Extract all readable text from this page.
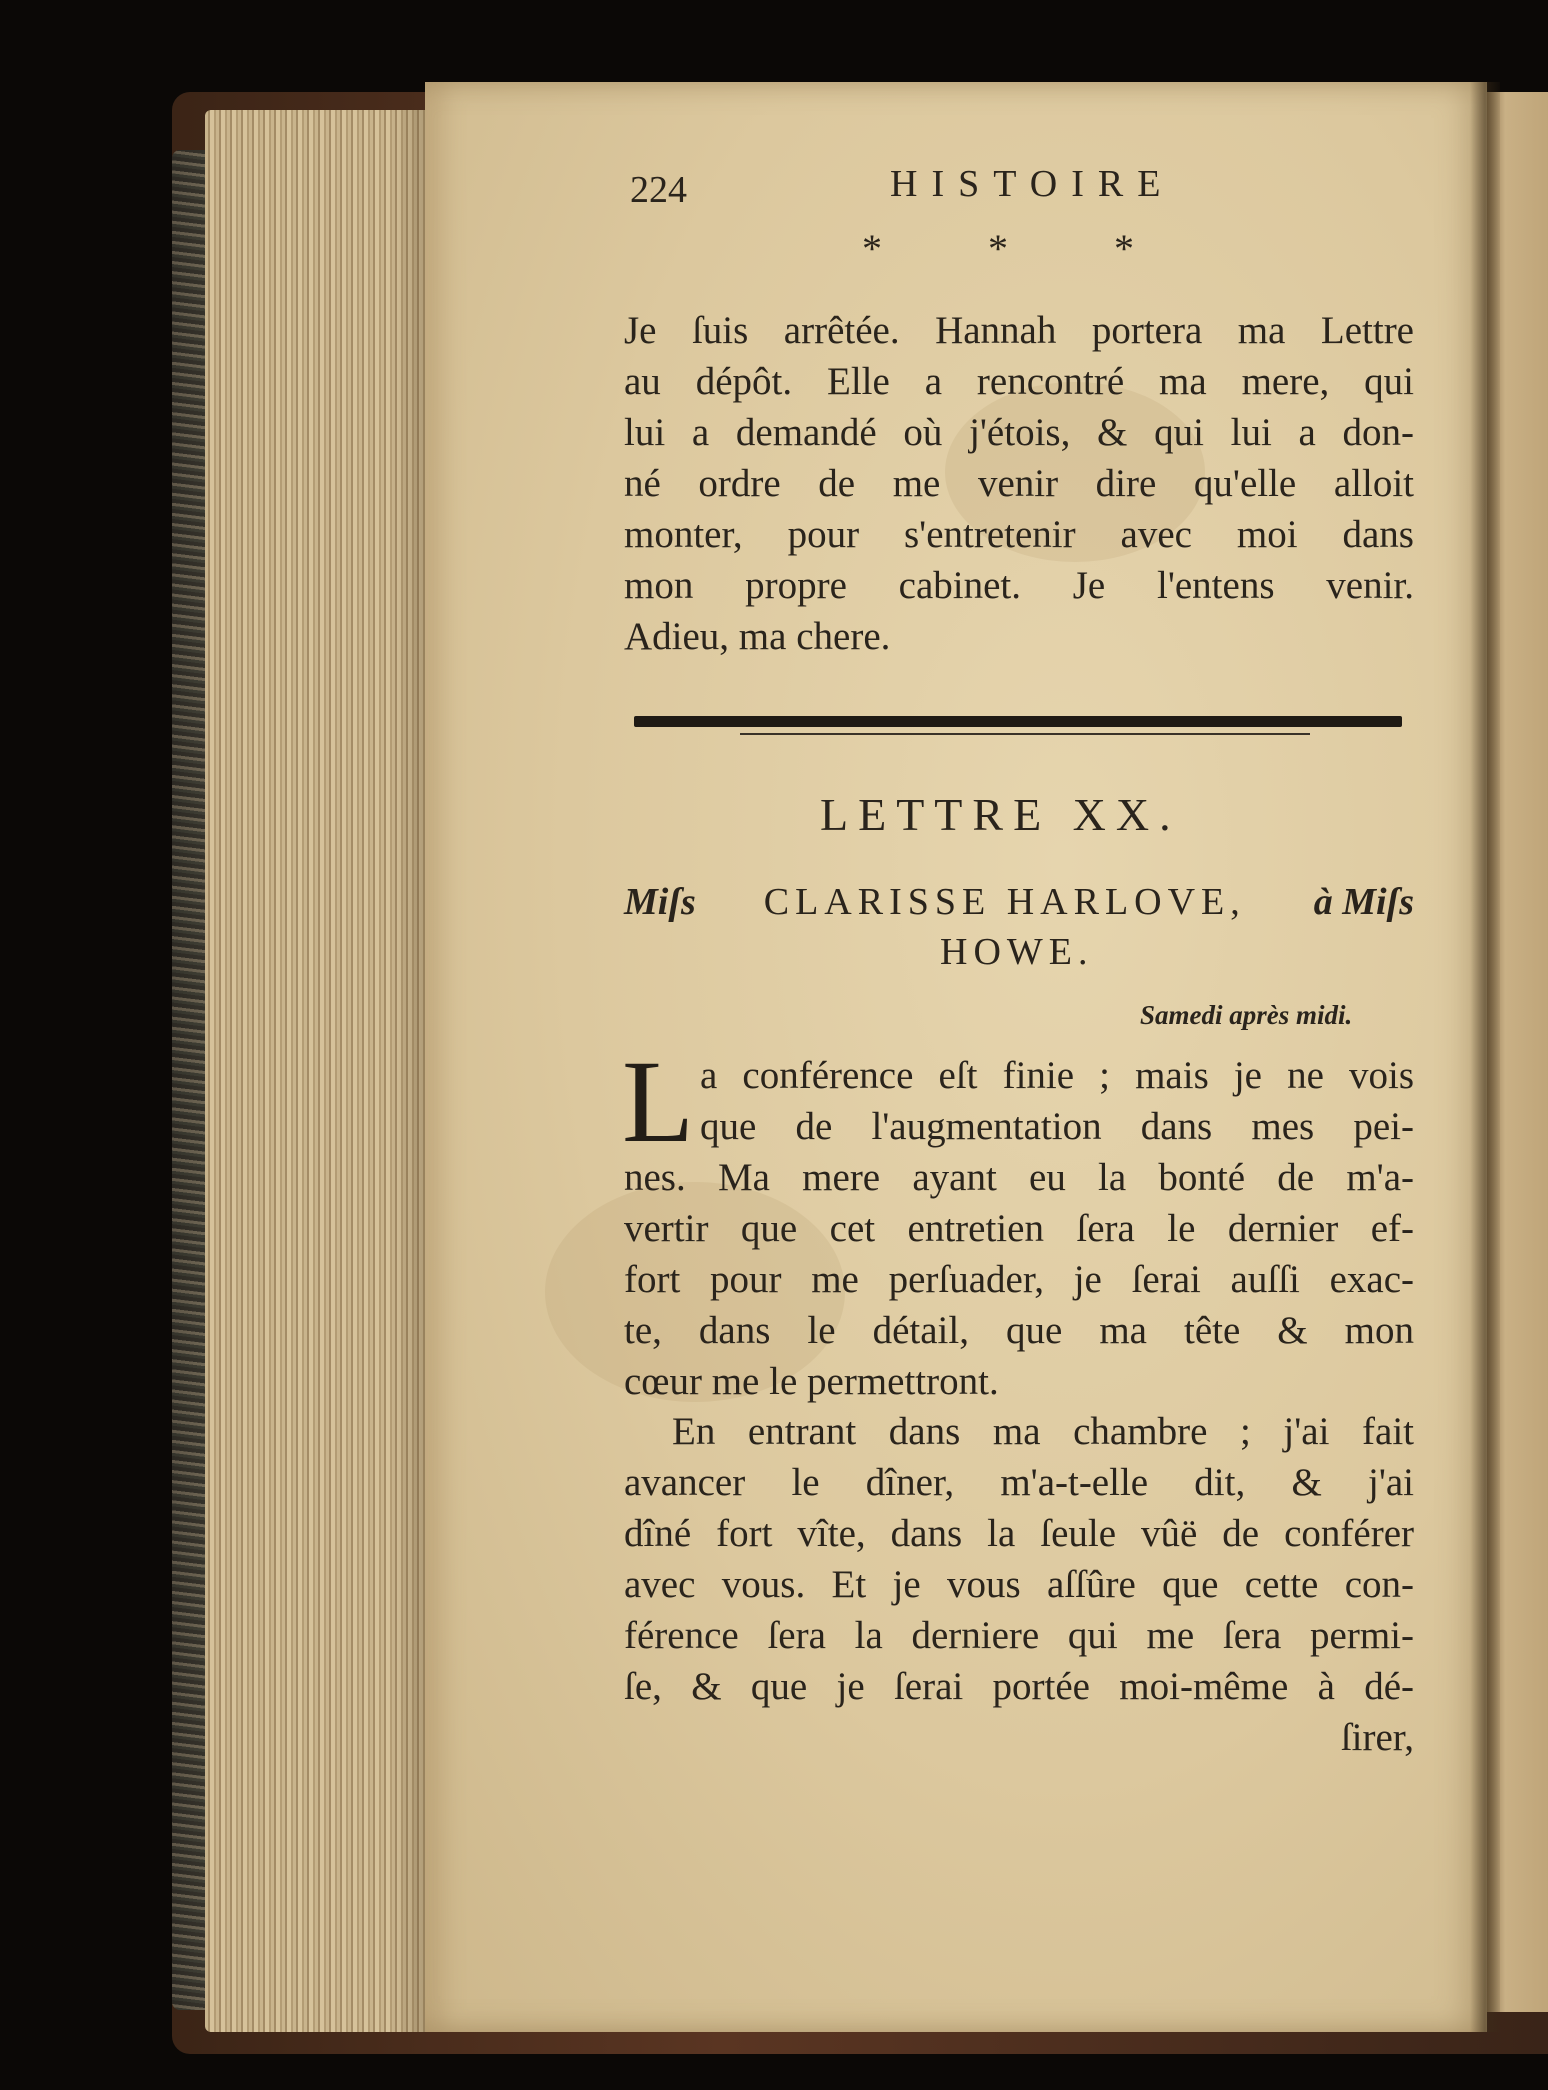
224	HISTOIRE
* * *
Je ſuis arrêtée. Hannah portera ma Lettre
au dépôt. Elle a rencontré ma mere, qui
lui a demandé où j'étois, & qui lui a don-
né ordre de me venir dire qu'elle alloit
monter, pour s'entretenir avec moi dans
mon propre cabinet. Je l'entens venir.
Adieu, ma chere.
LETTRE XX.
Miſs CLARISSE HARLOVE, à Miſs
HOWE.
Samedi après midi.
L a conférence eſt finie ; mais je ne vois
que de l'augmentation dans mes pei-
nes. Ma mere ayant eu la bonté de m'a-
vertir que cet entretien ſera le dernier ef-
fort pour me perſuader, je ſerai auſſi exac-
te, dans le détail, que ma tête & mon
cœur me le permettront.
En entrant dans ma chambre ; j'ai fait
avancer le dîner, m'a-t-elle dit, & j'ai
dîné fort vîte, dans la ſeule vûë de conférer
avec vous. Et je vous aſſûre que cette con-
férence ſera la derniere qui me ſera permi-
ſe, & que je ſerai portée moi-même à dé-
ſirer,
